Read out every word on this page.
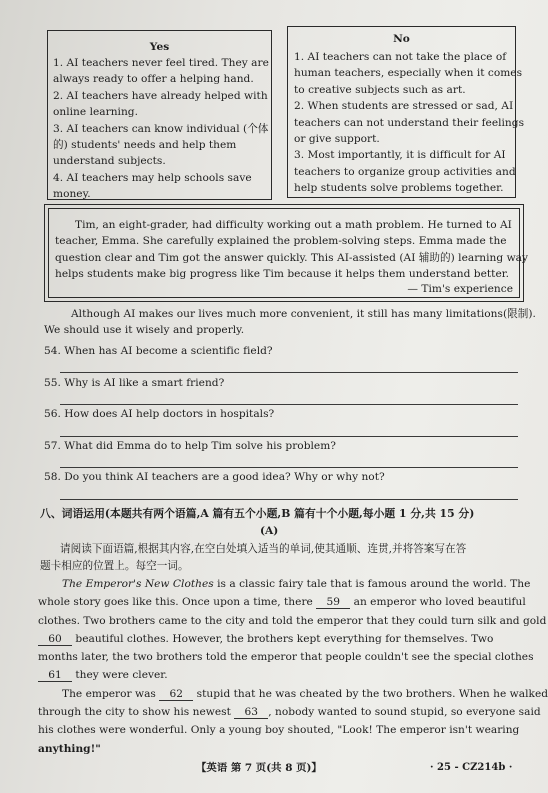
Yes
1. AI teachers never feel tired. They are
always ready to offer a helping hand.
2. AI teachers have already helped with
online learning.
3. AI teachers can know individual (个体
的) students' needs and help them
understand subjects.
4. AI teachers may help schools save
money.
No
1. AI teachers can not take the place of
human teachers, especially when it comes
to creative subjects such as art.
2. When students are stressed or sad, AI
teachers can not understand their feelings
or give support.
3. Most importantly, it is difficult for AI
teachers to organize group activities and
help students solve problems together.
Tim, an eight-grader, had difficulty working out a math problem. He turned to AI
teacher, Emma. She carefully explained the problem-solving steps. Emma made the
question clear and Tim got the answer quickly. This AI-assisted (AI 辅助的) learning way
helps students make big progress like Tim because it helps them understand better.
— Tim's experience
Although AI makes our lives much more convenient, it still has many limitations(限制).
We should use it wisely and properly.
54. When has AI become a scientific field?
55. Why is AI like a smart friend?
56. How does AI help doctors in hospitals?
57. What did Emma do to help Tim solve his problem?
58. Do you think AI teachers are a good idea? Why or why not?
八、词语运用(本题共有两个语篇,A 篇有五个小题,B 篇有十个小题,每小题 1 分,共 15 分)
(A)
请阅读下面语篇,根据其内容,在空白处填入适当的单词,使其通顺、连贯,并将答案写在答
题卡相应的位置上。每空一词。
The Emperor's New Clothes is a classic fairy tale that is famous around the world. The
whole story goes like this. Once upon a time, there 59 an emperor who loved beautiful
clothes. Two brothers came to the city and told the emperor that they could turn silk and gold
60 beautiful clothes. However, the brothers kept everything for themselves. Two
months later, the two brothers told the emperor that people couldn't see the special clothes
61 they were clever.
The emperor was 62 stupid that he was cheated by the two brothers. When he walked
through the city to show his newest 63 , nobody wanted to sound stupid, so everyone said
his clothes were wonderful. Only a young boy shouted, "Look! The emperor isn't wearing
anything!"
【英语 第 7 页(共 8 页)】	· 25 - CZ214b ·
